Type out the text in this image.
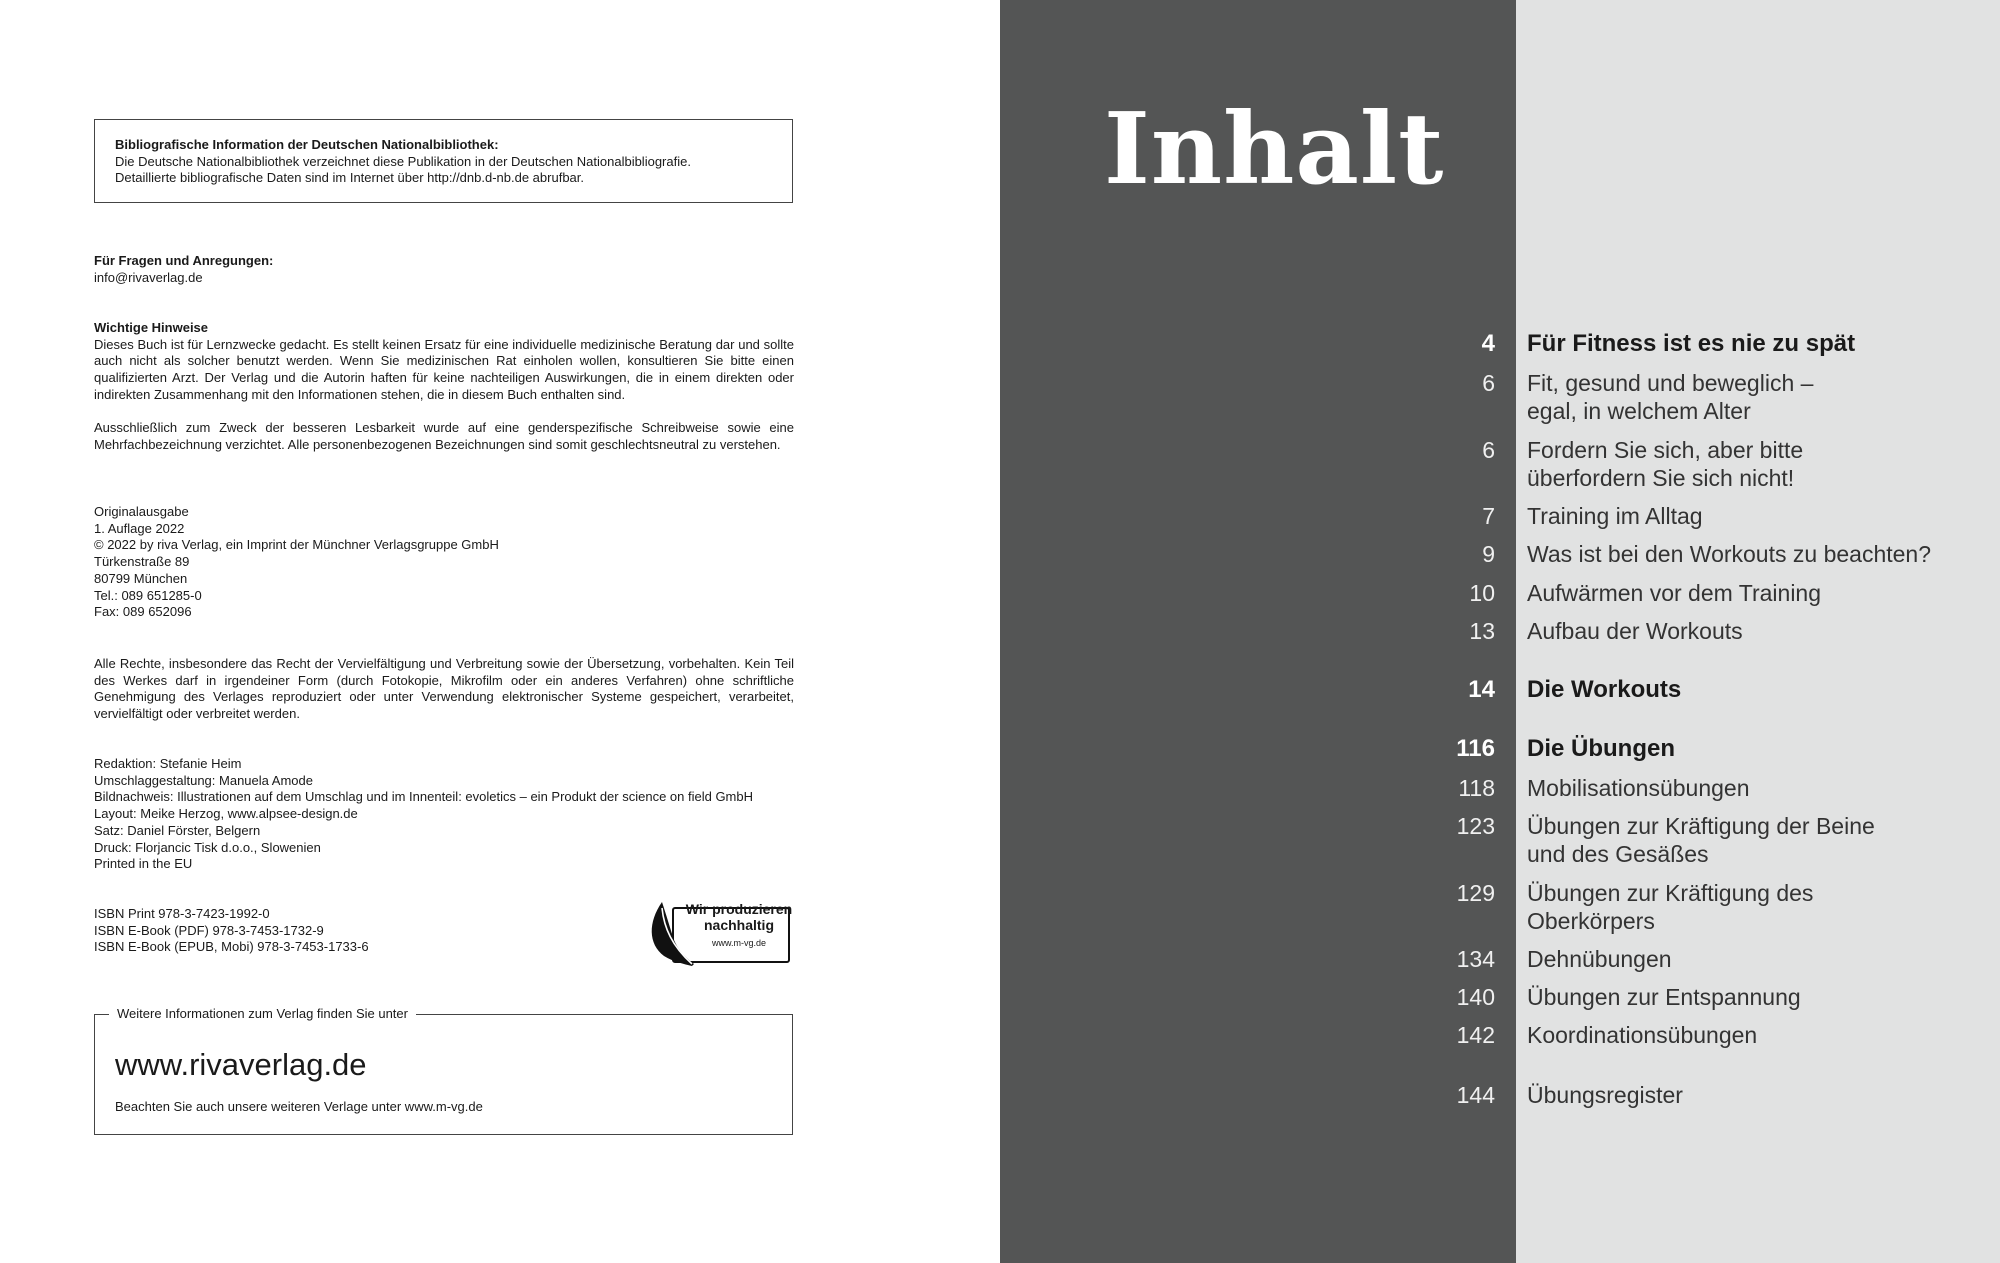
Bibliografische Information der Deutschen Nationalbibliothek:
Die Deutsche Nationalbibliothek verzeichnet diese Publikation in der Deutschen Nationalbibliografie.
Detaillierte bibliografische Daten sind im Internet über http://dnb.d-nb.de abrufbar.
Für Fragen und Anregungen:
info@rivaverlag.de
Wichtige Hinweise
Dieses Buch ist für Lernzwecke gedacht. Es stellt keinen Ersatz für eine individuelle medizinische Beratung dar und sollte auch nicht als solcher benutzt werden. Wenn Sie medizinischen Rat einholen wollen, konsultieren Sie bitte einen qualifizierten Arzt. Der Verlag und die Autorin haften für keine nachteiligen Auswirkungen, die in einem direkten oder indirekten Zusammenhang mit den Informationen stehen, die in diesem Buch enthalten sind.
Ausschließlich zum Zweck der besseren Lesbarkeit wurde auf eine genderspezifische Schreibweise sowie eine Mehrfachbezeichnung verzichtet. Alle personenbezogenen Bezeichnungen sind somit geschlechtsneutral zu verstehen.
Originalausgabe
1. Auflage 2022
© 2022 by riva Verlag, ein Imprint der Münchner Verlagsgruppe GmbH
Türkenstraße 89
80799 München
Tel.: 089 651285-0
Fax: 089 652096
Alle Rechte, insbesondere das Recht der Vervielfältigung und Verbreitung sowie der Übersetzung, vorbehalten. Kein Teil des Werkes darf in irgendeiner Form (durch Fotokopie, Mikrofilm oder ein anderes Verfahren) ohne schriftliche Genehmigung des Verlages reproduziert oder unter Verwendung elektronischer Systeme gespeichert, verarbeitet, vervielfältigt oder verbreitet werden.
Redaktion: Stefanie Heim
Umschlaggestaltung: Manuela Amode
Bildnachweis: Illustrationen auf dem Umschlag und im Innenteil: evoletics – ein Produkt der science on field GmbH
Layout: Meike Herzog, www.alpsee-design.de
Satz: Daniel Förster, Belgern
Druck: Florjancic Tisk d.o.o., Slowenien
Printed in the EU
ISBN Print 978-3-7423-1992-0
ISBN E-Book (PDF) 978-3-7453-1732-9
ISBN E-Book (EPUB, Mobi) 978-3-7453-1733-6
Wir produzieren
nachhaltig
www.m-vg.de
Weitere Informationen zum Verlag finden Sie unter
www.rivaverlag.de
Beachten Sie auch unsere weiteren Verlage unter www.m-vg.de
Inhalt
4 Für Fitness ist es nie zu spät
6 Fit, gesund und beweglich – egal, in welchem Alter
6 Fordern Sie sich, aber bitte überfordern Sie sich nicht!
7 Training im Alltag
9 Was ist bei den Workouts zu beachten?
10 Aufwärmen vor dem Training
13 Aufbau der Workouts
14 Die Workouts
116 Die Übungen
118 Mobilisationsübungen
123 Übungen zur Kräftigung der Beine und des Gesäßes
129 Übungen zur Kräftigung des Oberkörpers
134 Dehnübungen
140 Übungen zur Entspannung
142 Koordinationsübungen
144 Übungsregister
